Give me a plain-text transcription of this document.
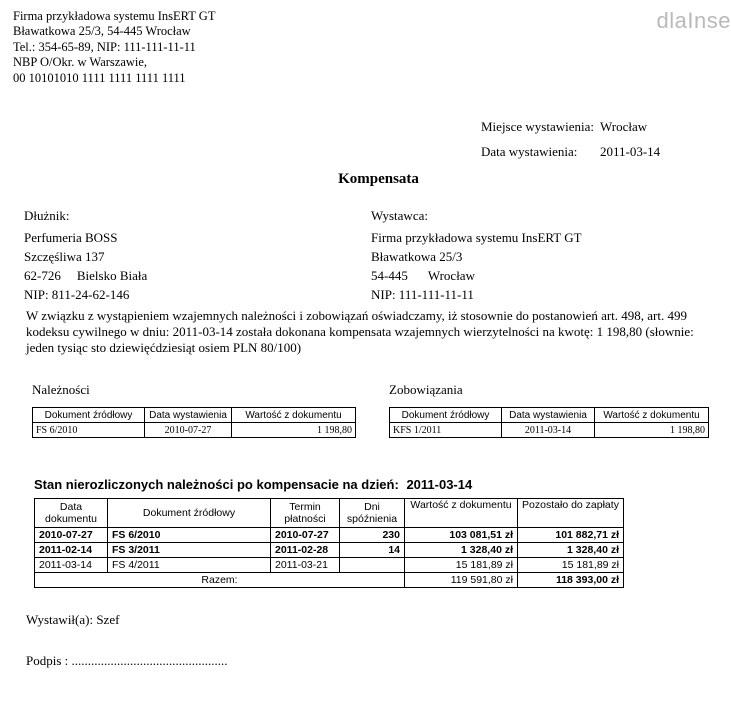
Firma przykładowa systemu InsERT GT
Bławatkowa 25/3, 54-445 Wrocław
Tel.: 354-65-89, NIP: 111-111-11-11
NBP O/Okr. w Warszawie,
00 10101010 1111 1111 1111 1111
dlaInse
Miejsce wystawienia: Wrocław
Data wystawienia: 2011-03-14
Kompensata
Dłużnik:
Perfumeria BOSS
Szczęśliwa 137
62-726 Bielsko Biała
NIP: 811-24-62-146
Wystawca:
Firma przykładowa systemu InsERT GT
Bławatkowa 25/3
54-445 Wrocław
NIP: 111-111-11-11
W związku z wystąpieniem wzajemnych należności i zobowiązań oświadczamy, iż stosownie do postanowień art. 498, art. 499 kodeksu cywilnego w dniu: 2011-03-14 została dokonana kompensata wzajemnych wierzytelności na kwotę: 1 198,80 (słownie: jeden tysiąc sto dziewięćdziesiąt osiem PLN 80/100)
Należności
Dokument źródłowy	Data wystawienia	Wartość z dokumentu
FS 6/2010	2010-07-27	1 198,80
Zobowiązania
Dokument źródłowy	Data wystawienia	Wartość z dokumentu
KFS 1/2011	2011-03-14	1 198,80
Stan nierozliczonych należności po kompensacie na dzień: 2011-03-14
Data dokumentu	Dokument źródłowy	Termin płatności	Dni spóźnienia	Wartość z dokumentu	Pozostało do zapłaty
2010-07-27	FS 6/2010	2010-07-27	230	103 081,51 zł	101 882,71 zł
2011-02-14	FS 3/2011	2011-02-28	14	1 328,40 zł	1 328,40 zł
2011-03-14	FS 4/2011	2011-03-21		15 181,89 zł	15 181,89 zł
Razem:				119 591,80 zł	118 393,00 zł
Wystawił(a): Szef
Podpis : ................................................
